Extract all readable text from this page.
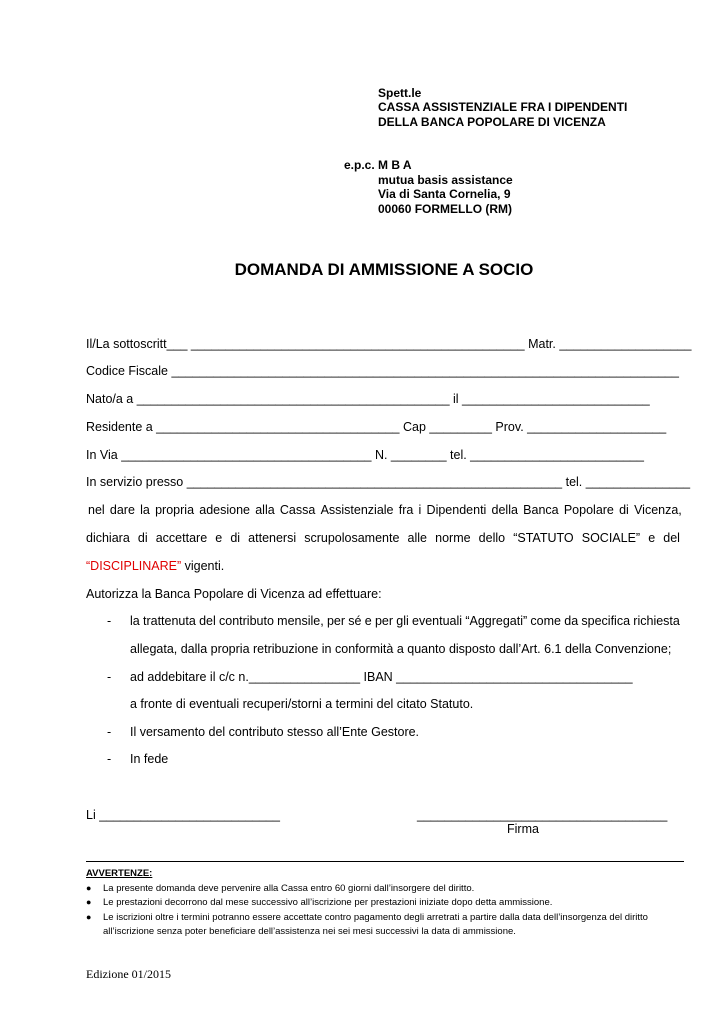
Spett.le
CASSA ASSISTENZIALE FRA I DIPENDENTI
DELLA BANCA POPOLARE DI VICENZA
e.p.c. M B A
mutua basis assistance
Via di Santa Cornelia, 9
00060 FORMELLO (RM)
DOMANDA DI AMMISSIONE A SOCIO
Il/La sottoscritt___ ________________________________________________ Matr. ___________________
Codice Fiscale _________________________________________________________________________
Nato/a a _____________________________________________ il ___________________________
Residente a ___________________________________ Cap _________ Prov. ____________________
In Via ____________________________________ N. ________ tel. _________________________
In servizio presso ______________________________________________________ tel. _______________
nel dare la propria adesione alla Cassa Assistenziale fra i Dipendenti della Banca Popolare di Vicenza,
dichiara di accettare e di attenersi scrupolosamente alle norme dello “STATUTO SOCIALE” e del
“DISCIPLINARE” vigenti.
Autorizza la Banca Popolare di Vicenza ad effettuare:
- la trattenuta del contributo mensile, per sé e per gli eventuali “Aggregati” come da specifica richiesta
allegata, dalla propria retribuzione in conformità a quanto disposto dall’Art. 6.1 della Convenzione;
- ad addebitare il c/c n.________________ IBAN __________________________________
a fronte di eventuali recuperi/storni a termini del citato Statuto.
- Il versamento del contributo stesso all’Ente Gestore.
- In fede
Li __________________________	____________________________________
Firma
AVVERTENZE:
● La presente domanda deve pervenire alla Cassa entro 60 giorni dall’insorgere del diritto.
● Le prestazioni decorrono dal mese successivo all’iscrizione per prestazioni iniziate dopo detta ammissione.
● Le iscrizioni oltre i termini potranno essere accettate contro pagamento degli arretrati a partire dalla data dell’insorgenza del diritto
all’iscrizione senza poter beneficiare dell’assistenza nei sei mesi successivi la data di ammissione.
Edizione 01/2015
